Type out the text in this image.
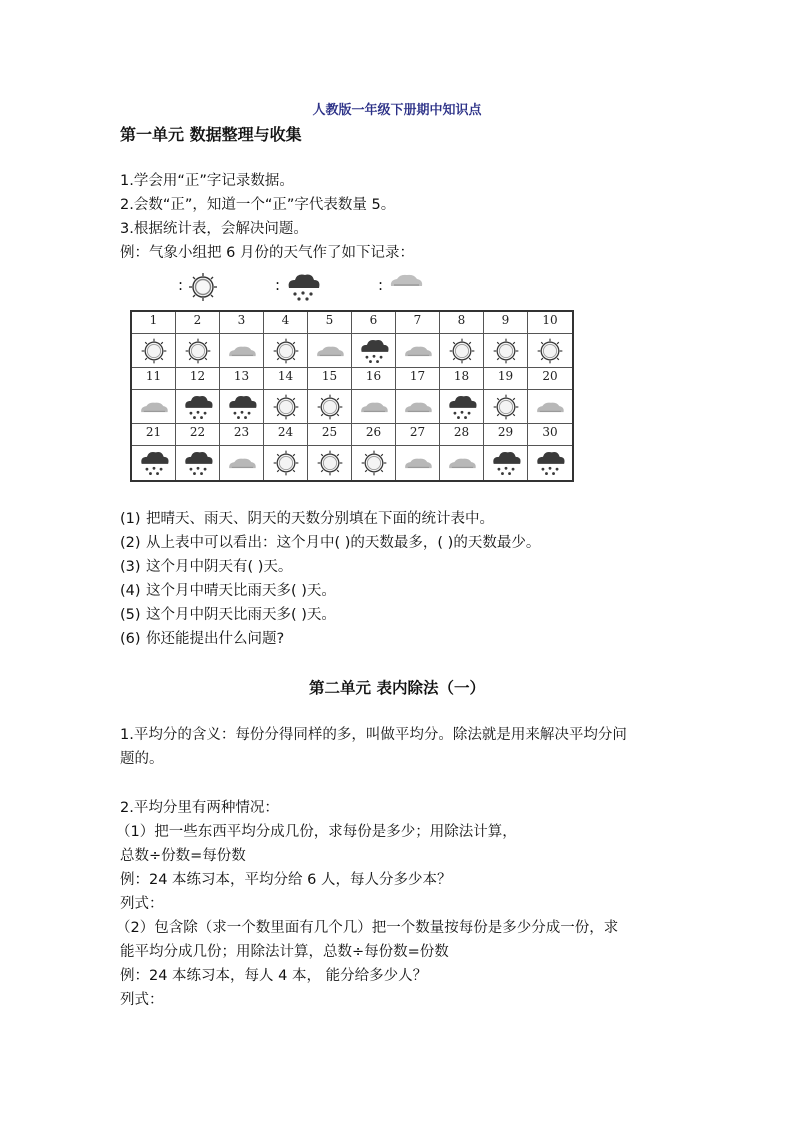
人教版一年级下册期中知识点
第一单元 数据整理与收集
1.学会用“正”字记录数据。
2.会数“正”，知道一个“正”字代表数量 5。
3.根据统计表，会解决问题。
例：气象小组把 6 月份的天气作了如下记录：
:	:	:
1	2	3	4	5	6	7	8	9	10
11	12	13	14	15	16	17	18	19	20
21	22	23	24	25	26	27	28	29	30
(1) 把晴天、雨天、阴天的天数分别填在下面的统计表中。
(2) 从上表中可以看出：这个月中( )的天数最多，( )的天数最少。
(3) 这个月中阴天有( )天。
(4) 这个月中晴天比雨天多( )天。
(5) 这个月中阴天比雨天多( )天。
(6) 你还能提出什么问题?
第二单元 表内除法（一）
1.平均分的含义：每份分得同样的多，叫做平均分。除法就是用来解决平均分问
题的。
2.平均分里有两种情况：
（1）把一些东西平均分成几份，求每份是多少；用除法计算，
总数÷份数=每份数
例：24 本练习本，平均分给 6 人，每人分多少本？
列式：
（2）包含除（求一个数里面有几个几）把一个数量按每份是多少分成一份，求
能平均分成几份；用除法计算，总数÷每份数=份数
例：24 本练习本，每人 4 本， 能分给多少人？
列式：
